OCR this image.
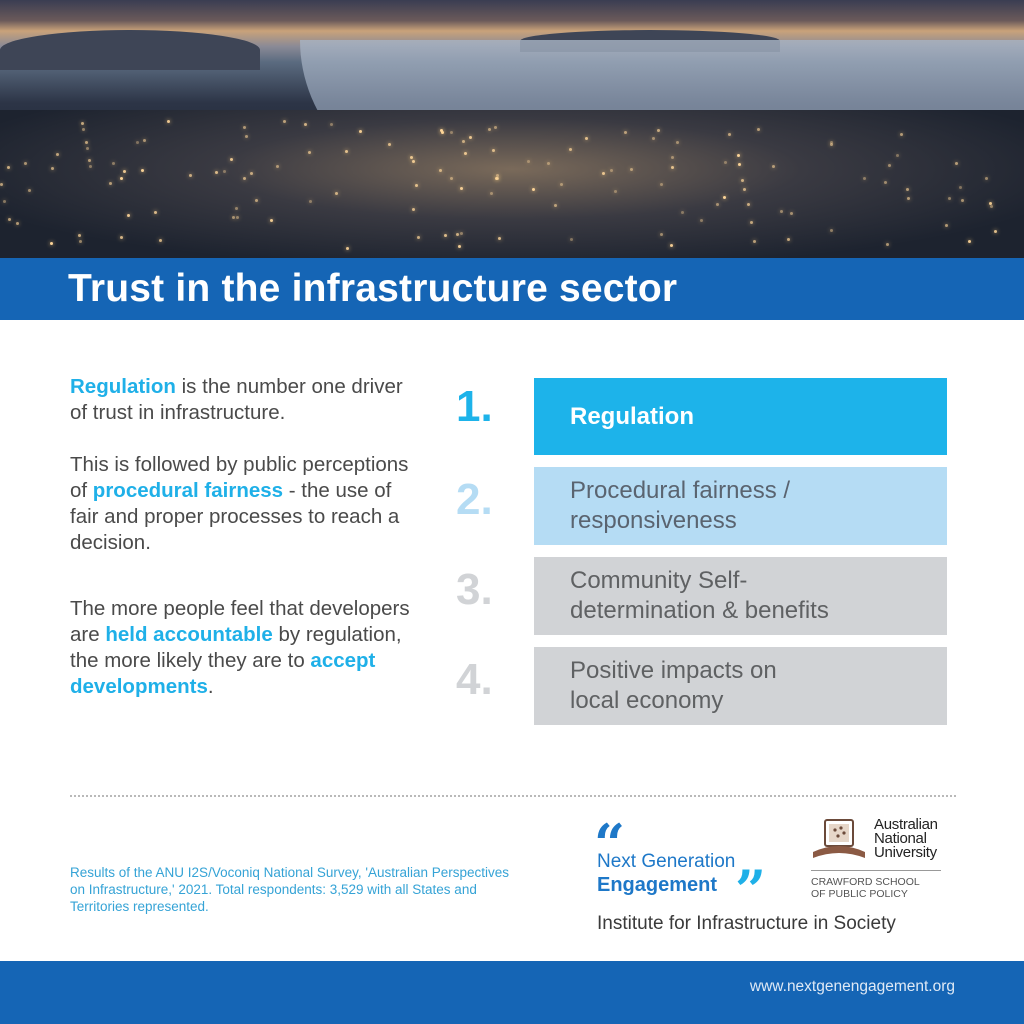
Trust in the infrastructure sector

Regulation is the number one driver of trust in infrastructure.

This is followed by public perceptions of procedural fairness - the use of fair and proper processes to reach a decision.

The more people feel that developers are held accountable by regulation, the more likely they are to accept developments.

1.	Regulation
2.	Procedural fairness / responsiveness
3.	Community Self-determination & benefits
4.	Positive impacts on local economy
Results of the ANU I2S/Voconiq National Survey, 'Australian Perspectives on Infrastructure,' 2021. Total respondents: 3,529 with all States and Territories represented.
“
Next Generation
Engagement ”
Australian
National
University
CRAWFORD SCHOOL
OF PUBLIC POLICY
Institute for Infrastructure in Society
www.nextgenengagement.org
